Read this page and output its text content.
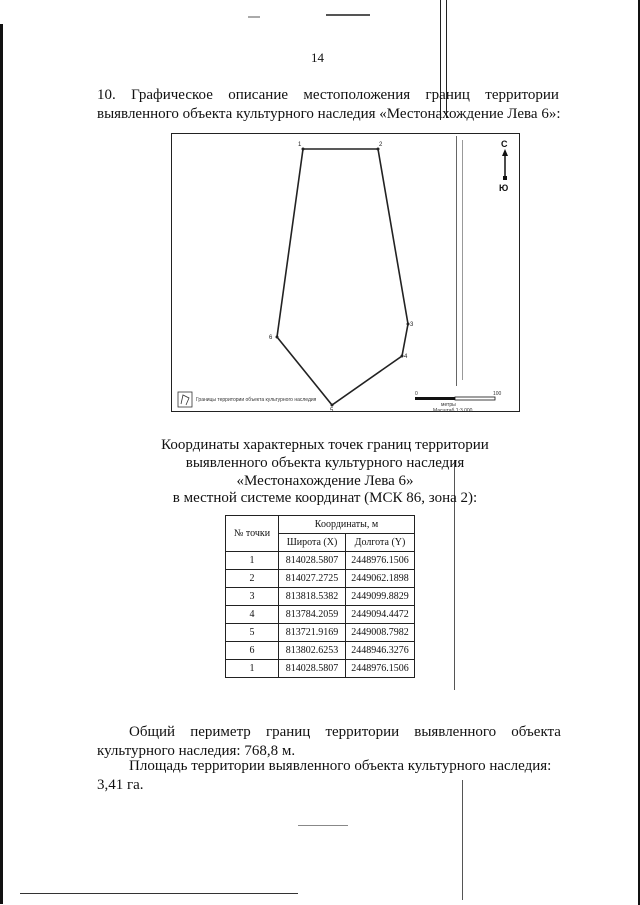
14
10. Графическое описание местоположения границ территории
выявленного объекта культурного наследия «Местонахождение Лева 6»:
1	2
3
4
5
6
С
Ю
Границы территории объекта культурного наследия
0	100
метры
Масштаб 1:3 000
Координаты характерных точек границ территории
выявленного объекта культурного наследия
«Местонахождение Лева 6»
в местной системе координат (МСК 86, зона 2):
№ точки	Координаты, м	
	Широта (X)	Долгота (Y)
1	814028.5807	2448976.1506
2	814027.2725	2449062.1898
3	813818.5382	2449099.8829
4	813784.2059	2449094.4472
5	813721.9169	2449008.7982
6	813802.6253	2448946.3276
1	814028.5807	2448976.1506
Общий периметр границ территории выявленного объекта
культурного наследия: 768,8 м.
Площадь территории выявленного объекта культурного наследия:
3,41 га.
